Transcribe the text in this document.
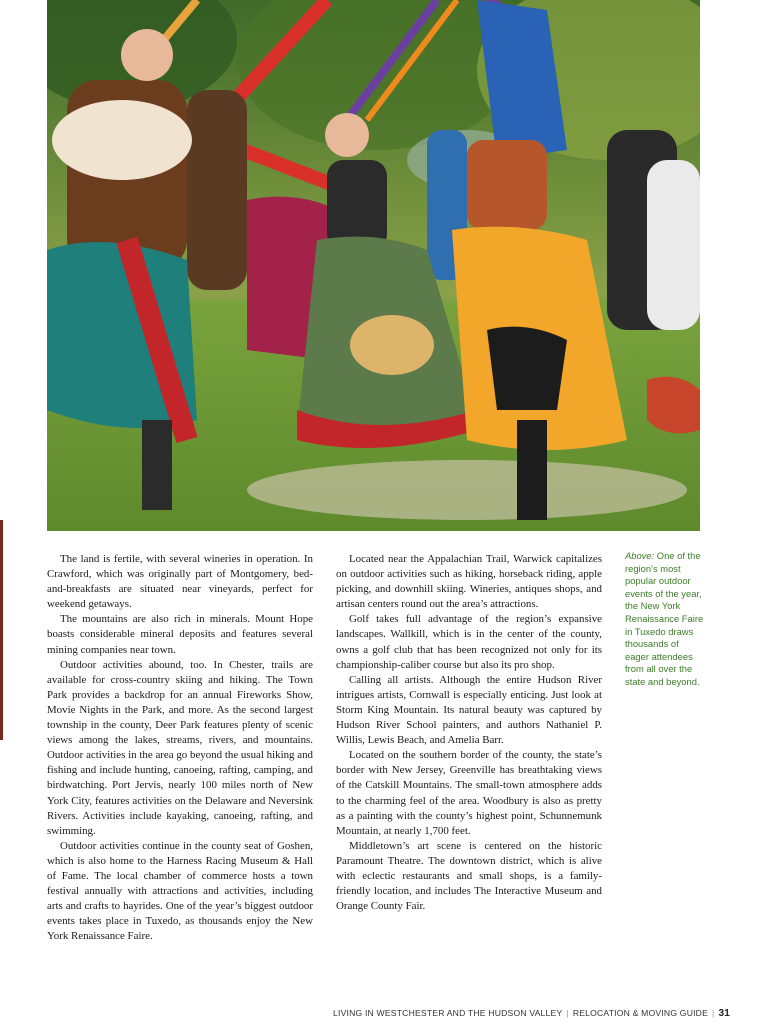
The land is fertile, with several wineries in operation. In Crawford, which was originally part of Montgomery, bed-and-breakfasts are situated near vineyards, perfect for weekend getaways.

The mountains are also rich in minerals. Mount Hope boasts considerable mineral deposits and features several mining companies near town.

Outdoor activities abound, too. In Chester, trails are available for cross-country skiing and hiking. The Town Park provides a backdrop for an annual Fireworks Show, Movie Nights in the Park, and more. As the second largest township in the county, Deer Park features plenty of scenic views among the lakes, streams, rivers, and mountains. Outdoor activities in the area go beyond the usual hiking and fishing and include hunting, canoeing, rafting, camping, and birdwatching. Port Jervis, nearly 100 miles north of New York City, features activities on the Delaware and Neversink Rivers. Activities include kayaking, canoeing, rafting, and swimming.

Outdoor activities continue in the county seat of Goshen, which is also home to the Harness Racing Museum & Hall of Fame. The local chamber of commerce hosts a town festival annually with attractions and activities, including arts and crafts to hayrides. One of the year’s biggest outdoor events takes place in Tuxedo, as thousands enjoy the New York Renaissance Faire.

Located near the Appalachian Trail, Warwick capitalizes on outdoor activities such as hiking, horseback riding, apple picking, and downhill skiing. Wineries, antiques shops, and artisan centers round out the area’s attractions.

Golf takes full advantage of the region’s expansive landscapes. Wallkill, which is in the center of the county, owns a golf club that has been recognized not only for its championship-caliber course but also its pro shop.

Calling all artists. Although the entire Hudson River intrigues artists, Cornwall is especially enticing. Just look at Storm King Mountain. Its natural beauty was captured by Hudson River School painters, and authors Nathaniel P. Willis, Lewis Beach, and Amelia Barr.

Located on the southern border of the county, the state’s border with New Jersey, Greenville has breathtaking views of the Catskill Mountains. The small-town atmosphere adds to the charming feel of the area. Woodbury is also as pretty as a painting with the county’s highest point, Schunnemunk Mountain, at nearly 1,700 feet.

Middletown’s art scene is centered on the historic Paramount Theatre. The downtown district, which is alive with eclectic restaurants and small shops, is a family-friendly location, and includes The Interactive Museum and Orange County Fair.

Above: One of the region’s most popular outdoor events of the year, the New York Renaissance Faire in Tuxedo draws thousands of eager attendees from all over the state and beyond.
LIVING IN WESTCHESTER AND THE HUDSON VALLEY | RELOCATION & MOVING GUIDE | 31
